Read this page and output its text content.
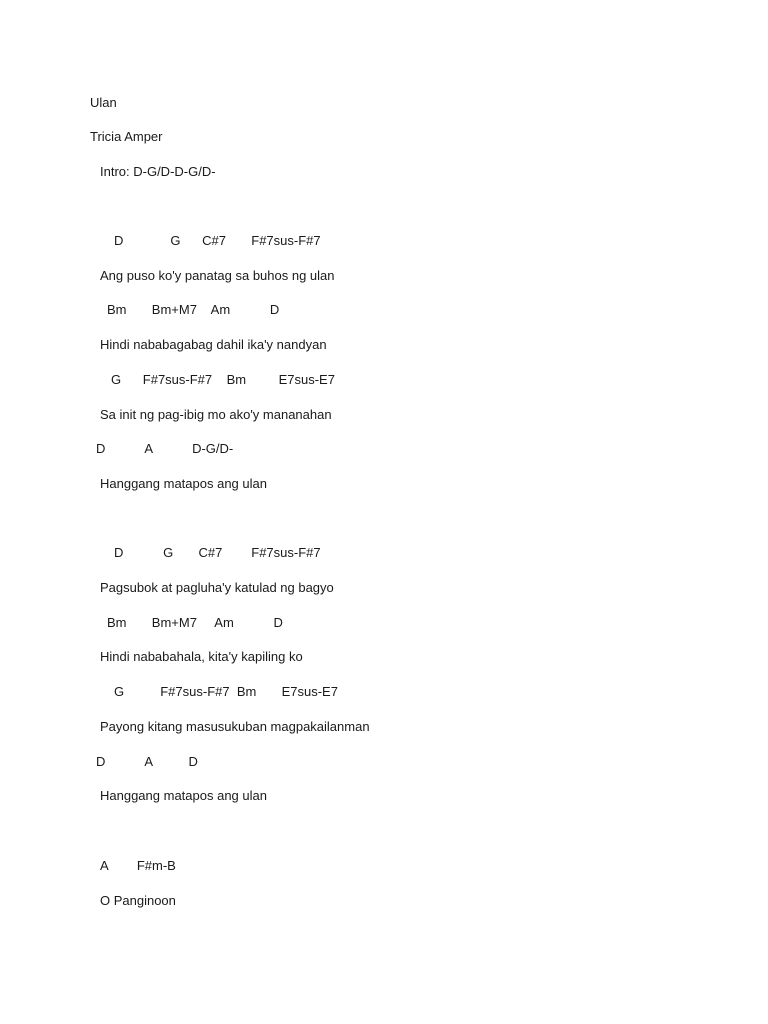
Ulan

Tricia Amper

Intro: D-G/D-D-G/D-

D             G      C#7       F#7sus-F#7

Ang puso ko'y panatag sa buhos ng ulan

Bm       Bm+M7    Am           D

Hindi nababagabag dahil ika'y nandyan

G      F#7sus-F#7    Bm         E7sus-E7

Sa init ng pag-ibig mo ako'y mananahan

D           A           D-G/D-

Hanggang matapos ang ulan

D           G       C#7        F#7sus-F#7

Pagsubok at pagluha'y katulad ng bagyo

Bm       Bm+M7     Am           D

Hindi nababahala, kita'y kapiling ko

G          F#7sus-F#7  Bm       E7sus-E7

Payong kitang masusukuban magpakailanman

D           A          D

Hanggang matapos ang ulan

A        F#m-B

O Panginoon
